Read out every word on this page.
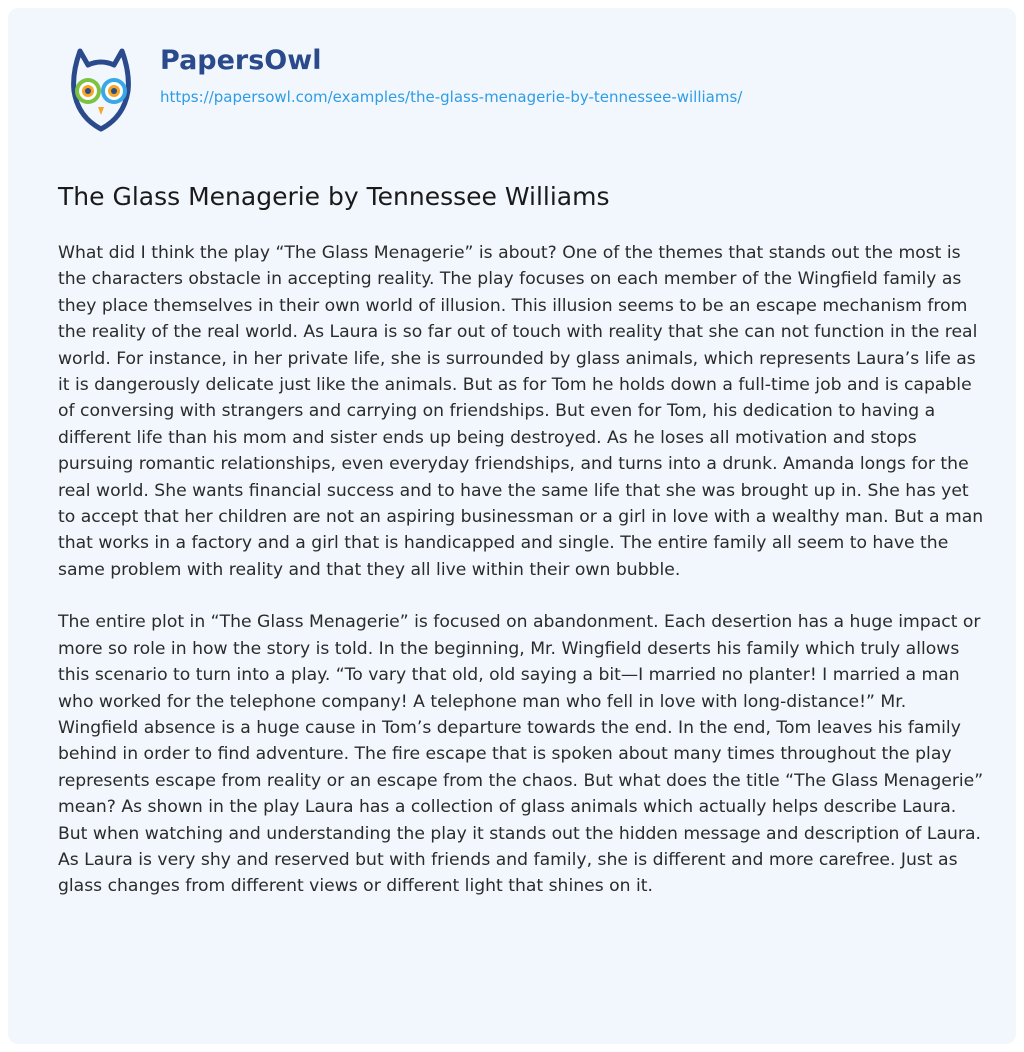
PapersOwl
https://papersowl.com/examples/the-glass-menagerie-by-tennessee-williams/
The Glass Menagerie by Tennessee Williams

What did I think the play “The Glass Menagerie” is about? One of the themes that stands out the most is the characters obstacle in accepting reality. The play focuses on each member of the Wingfield family as they place themselves in their own world of illusion. This illusion seems to be an escape mechanism from the reality of the real world. As Laura is so far out of touch with reality that she can not function in the real world. For instance, in her private life, she is surrounded by glass animals, which represents Laura’s life as it is dangerously delicate just like the animals. But as for Tom he holds down a full-time job and is capable of conversing with strangers and carrying on friendships. But even for Tom, his dedication to having a different life than his mom and sister ends up being destroyed. As he loses all motivation and stops pursuing romantic relationships, even everyday friendships, and turns into a drunk. Amanda longs for the real world. She wants financial success and to have the same life that she was brought up in. She has yet to accept that her children are not an aspiring businessman or a girl in love with a wealthy man. But a man that works in a factory and a girl that is handicapped and single. The entire family all seem to have the same problem with reality and that they all live within their own bubble.

The entire plot in “The Glass Menagerie” is focused on abandonment. Each desertion has a huge impact or more so role in how the story is told. In the beginning, Mr. Wingfield deserts his family which truly allows this scenario to turn into a play. “To vary that old, old saying a bit—I married no planter! I married a man who worked for the telephone company! A telephone man who fell in love with long-distance!” Mr. Wingfield absence is a huge cause in Tom’s departure towards the end. In the end, Tom leaves his family behind in order to find adventure. The fire escape that is spoken about many times throughout the play represents escape from reality or an escape from the chaos. But what does the title “The Glass Menagerie” mean? As shown in the play Laura has a collection of glass animals which actually helps describe Laura. But when watching and understanding the play it stands out the hidden message and description of Laura. As Laura is very shy and reserved but with friends and family, she is different and more carefree. Just as glass changes from different views or different light that shines on it.
